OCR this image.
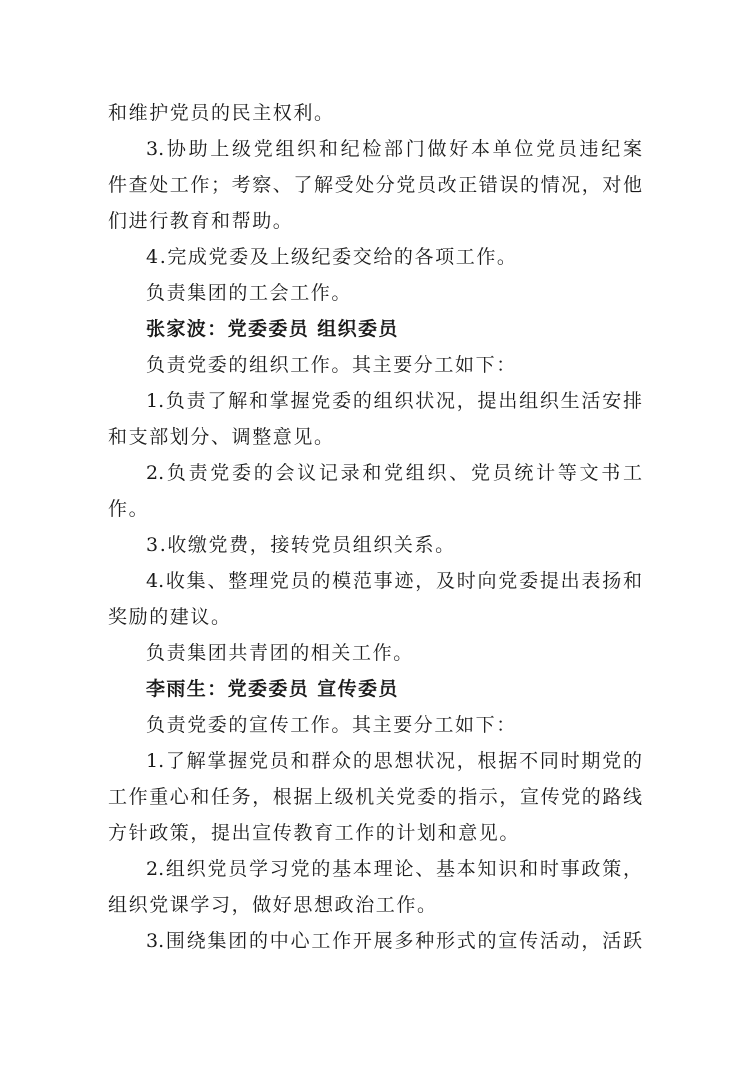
和维护党员的民主权利。
3.协助上级党组织和纪检部门做好本单位党员违纪案
件查处工作；考察、了解受处分党员改正错误的情况，对他
们进行教育和帮助。
4.完成党委及上级纪委交给的各项工作。
负责集团的工会工作。
张家波：党委委员 组织委员
负责党委的组织工作。其主要分工如下：
1.负责了解和掌握党委的组织状况，提出组织生活安排
和支部划分、调整意见。
2.负责党委的会议记录和党组织、党员统计等文书工
作。
3.收缴党费，接转党员组织关系。
4.收集、整理党员的模范事迹，及时向党委提出表扬和
奖励的建议。
负责集团共青团的相关工作。
李雨生：党委委员 宣传委员
负责党委的宣传工作。其主要分工如下：
1.了解掌握党员和群众的思想状况，根据不同时期党的
工作重心和任务，根据上级机关党委的指示，宣传党的路线
方针政策，提出宣传教育工作的计划和意见。
2.组织党员学习党的基本理论、基本知识和时事政策，
组织党课学习，做好思想政治工作。
3.围绕集团的中心工作开展多种形式的宣传活动，活跃
